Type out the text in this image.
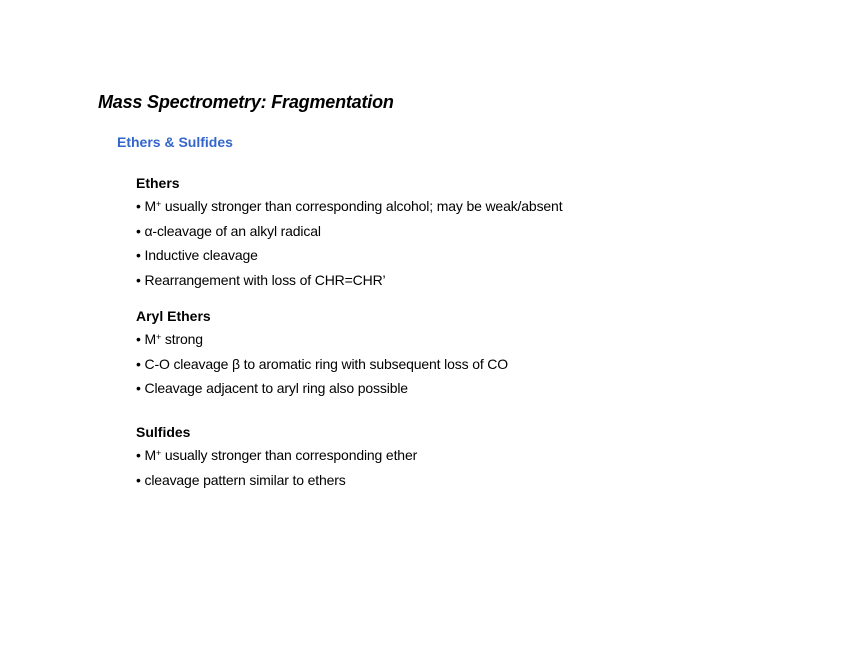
Mass Spectrometry: Fragmentation
Ethers & Sulfides
Ethers
• M+ usually stronger than corresponding alcohol; may be weak/absent
• α-cleavage of an alkyl radical
• Inductive cleavage
• Rearrangement with loss of CHR=CHR’
Aryl Ethers
• M+ strong
• C-O cleavage β to aromatic ring with subsequent loss of CO
• Cleavage adjacent to aryl ring also possible
Sulfides
• M+ usually stronger than corresponding ether
• cleavage pattern similar to ethers
